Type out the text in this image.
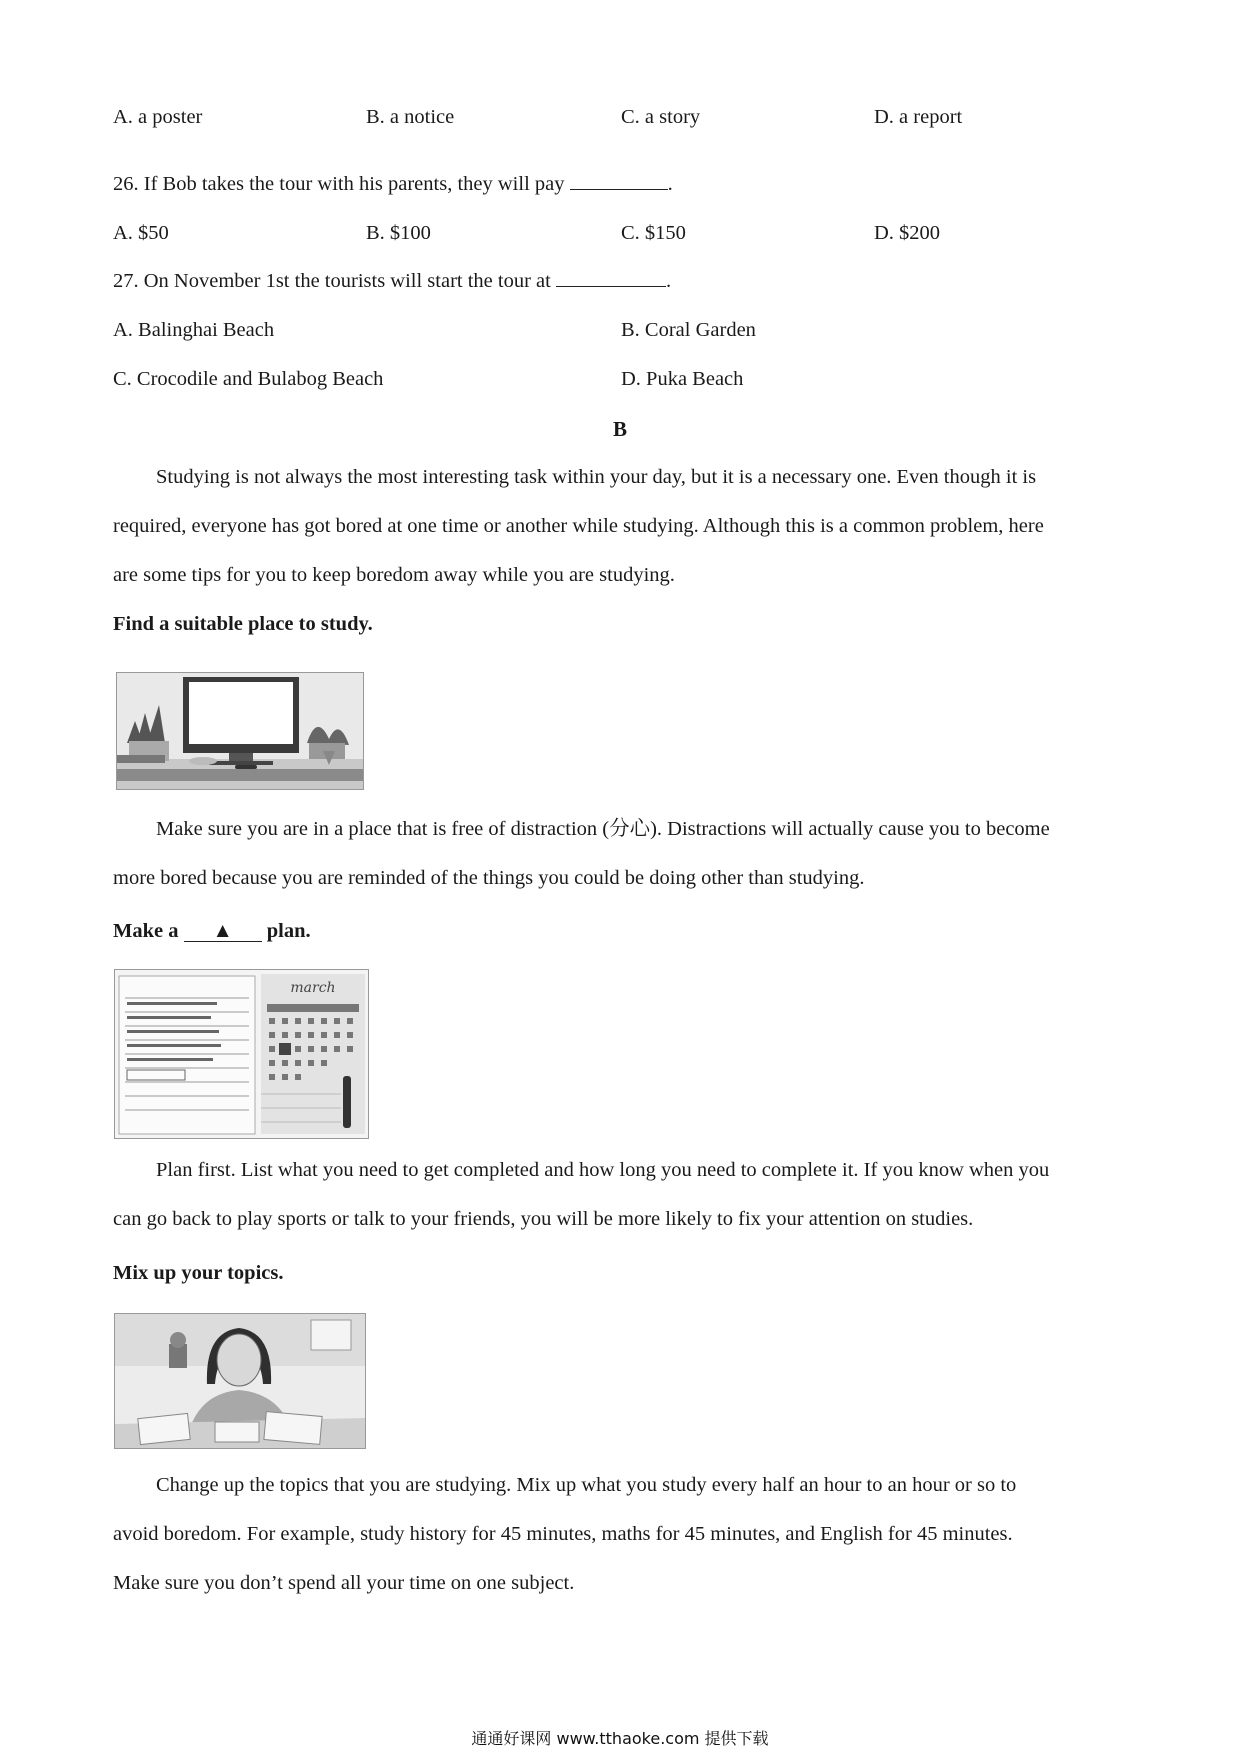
A. a poster	B. a notice	C. a story	D. a report
26. If Bob takes the tour with his parents, they will pay	.
A. $50	B. $100	C. $150	D. $200
27. On November 1st the tourists will start the tour at	.
A. Balinghai Beach	B. Coral Garden
C. Crocodile and Bulabog Beach	D. Puka Beach
B
Studying is not always the most interesting task within your day, but it is a necessary one. Even though it is
required, everyone has got bored at one time or another while studying. Although this is a common problem, here
are some tips for you to keep boredom away while you are studying.
Find a suitable place to study.
Make sure you are in a place that is free of distraction (分心). Distractions will actually cause you to become
more bored because you are reminded of the things you could be doing other than studying.
Make a ▲ plan.
march
Plan first. List what you need to get completed and how long you need to complete it. If you know when you
can go back to play sports or talk to your friends, you will be more likely to fix your attention on studies.
Mix up your topics.
Change up the topics that you are studying. Mix up what you study every half an hour to an hour or so to
avoid boredom. For example, study history for 45 minutes, maths for 45 minutes, and English for 45 minutes.
Make sure you don’t spend all your time on one subject.
通通好课网 www.tthaoke.com 提供下载
